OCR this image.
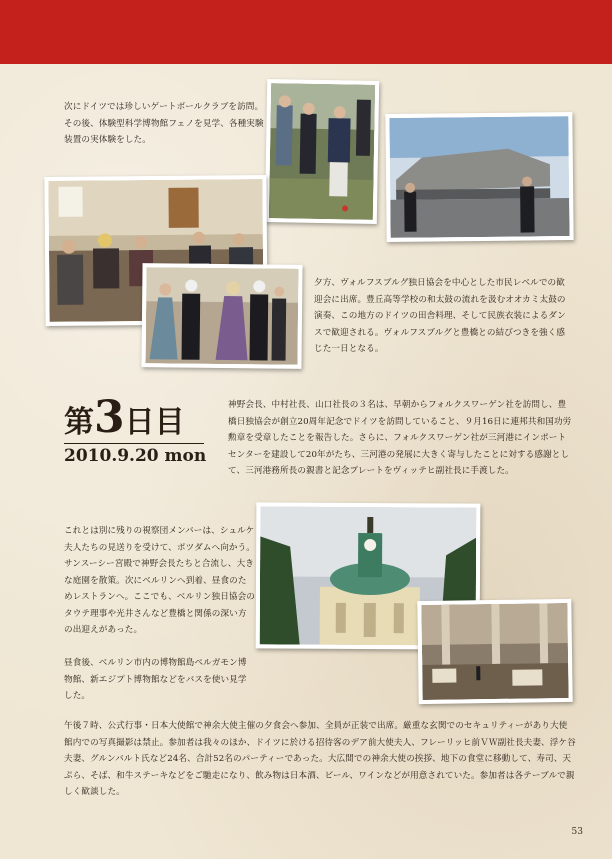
次にドイツでは珍しいゲートボールクラブを訪問。その後、体験型科学博物館フェノを見学、各種実験装置の実体験をした。

夕方、ヴォルフスブルグ独日協会を中心とした市民レベルでの歓迎会に出席。豊丘高等学校の和太鼓の流れを汲むオオカミ太鼓の演奏、この地方のドイツの田舎料理、そして民族衣装によるダンスで歓迎される。ヴォルフスブルグと豊橋との結びつきを強く感じた一日となる。

第3日目
2010.9.20 mon

神野会長、中村社長、山口社長の３名は、早朝からフォルクスワーゲン社を訪問し、豊橋日独協会が創立20周年記念でドイツを訪問していること、９月16日に連邦共和国功労勲章を受章したことを報告した。さらに、フォルクスワーゲン社が三河港にインポートセンターを建設して20年がたち、三河港の発展に大きく寄与したことに対する感謝として、三河港務所長の親書と記念プレートをヴィッテヒ副社長に手渡した。

これとは別に残りの視察団メンバーは、シュルケ夫人たちの見送りを受けて、ポツダムへ向かう。サンスーシー宮殿で神野会長たちと合流し、大きな庭園を散策。次にベルリンへ到着、昼食のためレストランへ。ここでも、ベルリン独日協会のタウテ理事や光井さんなど豊橋と関係の深い方の出迎えがあった。

昼食後、ベルリン市内の博物館島ペルガモン博物館、新エジプト博物館などをバスを使い見学した。

午後７時、公式行事・日本大使館で神余大使主催の夕食会へ参加、全員が正装で出席。厳重な玄関でのセキュリティーがあり大使館内での写真撮影は禁止。参加者は我々のほか、ドイツに於ける招待客のデア前大使夫人、フレーリッヒ前ＶＷ副社長夫妻、浮ケ谷夫妻、グルンバルト氏など24名、合計52名のパーティーであった。大広間での神余大使の挨拶、地下の食堂に移動して、寿司、天ぷら、そば、和牛ステーキなどをご馳走になり、飲み物は日本酒、ビール、ワインなどが用意されていた。参加者は各テーブルで親しく歓談した。

53
